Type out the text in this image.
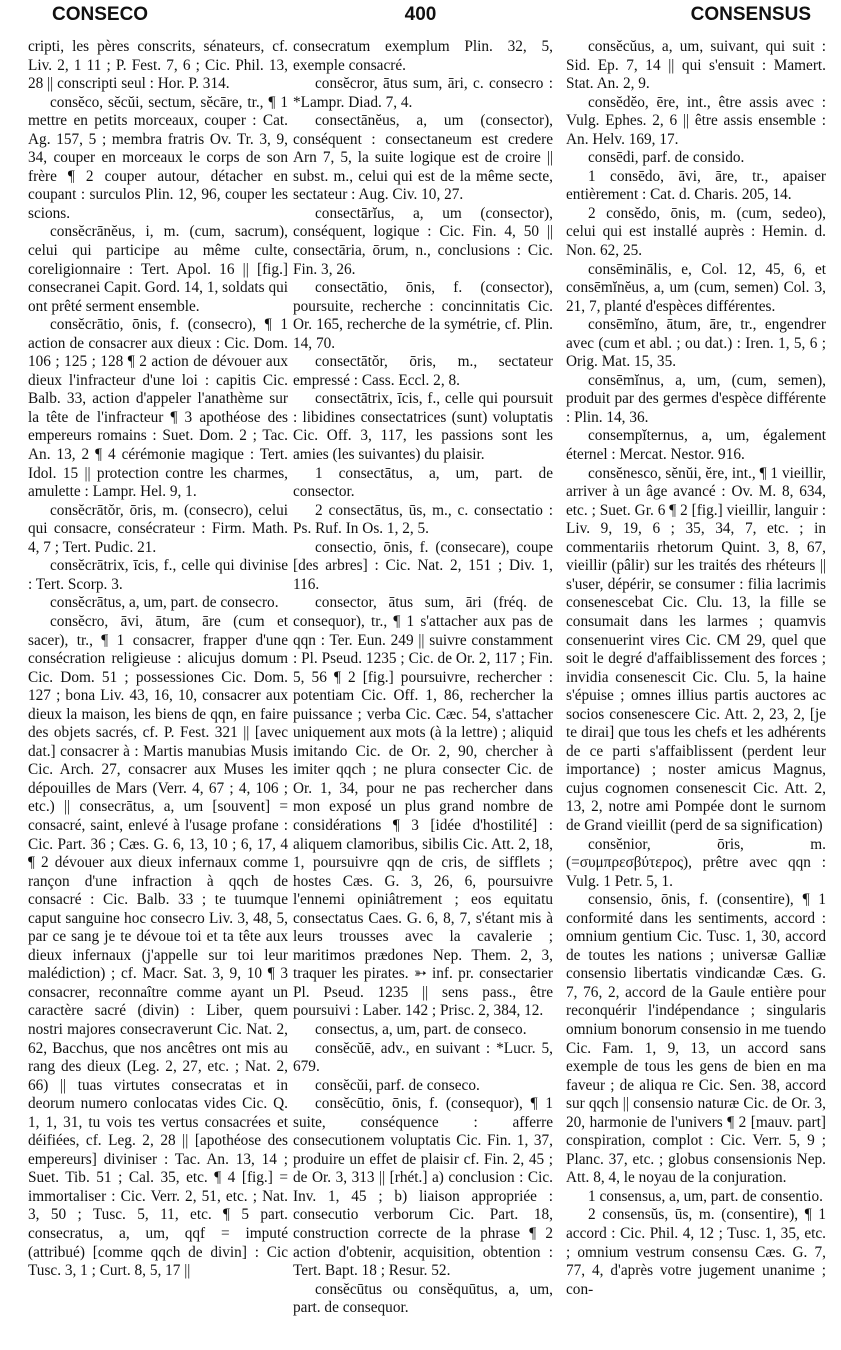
CONSECO	400	CONSENSUS

cripti, les pères conscrits, sénateurs, cf. Liv. 2, 1 11 ; P. Fest. 7, 6 ; Cic. Phil. 13, 28 || conscripti seul : Hor. P. 314.

consĕco, sĕcŭi, sectum, sĕcāre, tr., ¶ 1 mettre en petits morceaux, couper : Cat. Ag. 157, 5 ; membra fratris Ov. Tr. 3, 9, 34, couper en morceaux le corps de son frère ¶ 2 couper autour, détacher en coupant : surculos Plin. 12, 96, couper les scions.

consĕcrānĕus, i, m. (cum, sacrum), celui qui participe au même culte, coreligionnaire : Tert. Apol. 16 || [fig.] consecranei Capit. Gord. 14, 1, soldats qui ont prêté serment ensemble.

consĕcrātio, ōnis, f. (consecro), ¶ 1 action de consacrer aux dieux : Cic. Dom. 106 ; 125 ; 128 ¶ 2 action de dévouer aux dieux l'infracteur d'une loi : capitis Cic. Balb. 33, action d'appeler l'anathème sur la tête de l'infracteur ¶ 3 apothéose des empereurs romains : Suet. Dom. 2 ; Tac. An. 13, 2 ¶ 4 cérémonie magique : Tert. Idol. 15 || protection contre les charmes, amulette : Lampr. Hel. 9, 1.

consĕcrātŏr, ōris, m. (consecro), celui qui consacre, consécrateur : Firm. Math. 4, 7 ; Tert. Pudic. 21.

consĕcrātrix, īcis, f., celle qui divinise : Tert. Scorp. 3.

consĕcrātus, a, um, part. de consecro.

consĕcro, āvi, ātum, āre (cum et sacer), tr., ¶ 1 consacrer, frapper d'une consécration religieuse : alicujus domum Cic. Dom. 51 ; possessiones Cic. Dom. 127 ; bona Liv. 43, 16, 10, consacrer aux dieux la maison, les biens de qqn, en faire des objets sacrés, cf. P. Fest. 321 || [avec dat.] consacrer à : Martis manubias Musis Cic. Arch. 27, consacrer aux Muses les dépouilles de Mars (Verr. 4, 67 ; 4, 106 ; etc.) || consecrātus, a, um [souvent] = consacré, saint, enlevé à l'usage profane : Cic. Part. 36 ; Cæs. G. 6, 13, 10 ; 6, 17, 4 ¶ 2 dévouer aux dieux infernaux comme rançon d'une infraction à qqch de consacré : Cic. Balb. 33 ; te tuumque caput sanguine hoc consecro Liv. 3, 48, 5, par ce sang je te dévoue toi et ta tête aux dieux infernaux (j'appelle sur toi leur malédiction) ; cf. Macr. Sat. 3, 9, 10 ¶ 3 consacrer, reconnaître comme ayant un caractère sacré (divin) : Liber, quem nostri majores consecraverunt Cic. Nat. 2, 62, Bacchus, que nos ancêtres ont mis au rang des dieux (Leg. 2, 27, etc. ; Nat. 2, 66) || tuas virtutes consecratas et in deorum numero conlocatas vides Cic. Q. 1, 1, 31, tu vois tes vertus consacrées et déifiées, cf. Leg. 2, 28 || [apothéose des empereurs] diviniser : Tac. An. 13, 14 ; Suet. Tib. 51 ; Cal. 35, etc. ¶ 4 [fig.] = immortaliser : Cic. Verr. 2, 51, etc. ; Nat. 3, 50 ; Tusc. 5, 11, etc. ¶ 5 part. consecratus, a, um, qqf = imputé (attribué) [comme qqch de divin] : Cic Tusc. 3, 1 ; Curt. 8, 5, 17 ||

consecratum exemplum Plin. 32, 5, exemple consacré.

consĕcror, ātus sum, āri, c. consecro : *Lampr. Diad. 7, 4.

consectānĕus, a, um (consector), conséquent : consectaneum est credere Arn 7, 5, la suite logique est de croire || subst. m., celui qui est de la même secte, sectateur : Aug. Civ. 10, 27.

consectārĭus, a, um (consector), conséquent, logique : Cic. Fin. 4, 50 || consectāria, ōrum, n., conclusions : Cic. Fin. 3, 26.

consectātio, ōnis, f. (consector), poursuite, recherche : concinnitatis Cic. Or. 165, recherche de la symétrie, cf. Plin. 14, 70.

consectātŏr, ōris, m., sectateur empressé : Cass. Eccl. 2, 8.

consectātrix, īcis, f., celle qui poursuit : libidines consectatrices (sunt) voluptatis Cic. Off. 3, 117, les passions sont les amies (les suivantes) du plaisir.

1 consectātus, a, um, part. de consector.

2 consectātus, ūs, m., c. consectatio : Ps. Ruf. In Os. 1, 2, 5.

consectio, ōnis, f. (consecare), coupe [des arbres] : Cic. Nat. 2, 151 ; Div. 1, 116.

consector, ātus sum, āri (fréq. de consequor), tr., ¶ 1 s'attacher aux pas de qqn : Ter. Eun. 249 || suivre constamment : Pl. Pseud. 1235 ; Cic. de Or. 2, 117 ; Fin. 5, 56 ¶ 2 [fig.] poursuivre, rechercher : potentiam Cic. Off. 1, 86, rechercher la puissance ; verba Cic. Cæc. 54, s'attacher uniquement aux mots (à la lettre) ; aliquid imitando Cic. de Or. 2, 90, chercher à imiter qqch ; ne plura consecter Cic. de Or. 1, 34, pour ne pas rechercher dans mon exposé un plus grand nombre de considérations ¶ 3 [idée d'hostilité] : aliquem clamoribus, sibilis Cic. Att. 2, 18, 1, poursuivre qqn de cris, de sifflets ; hostes Cæs. G. 3, 26, 6, poursuivre l'ennemi opiniâtrement ; eos equitatu consectatus Caes. G. 6, 8, 7, s'étant mis à leurs trousses avec la cavalerie ; maritimos prædones Nep. Them. 2, 3, traquer les pirates. ➳ inf. pr. consectarier Pl. Pseud. 1235 || sens pass., être poursuivi : Laber. 142 ; Prisc. 2, 384, 12.

consectus, a, um, part. de conseco.

consĕcŭē, adv., en suivant : *Lucr. 5, 679.

consĕcŭi, parf. de conseco.

consĕcūtio, ōnis, f. (consequor), ¶ 1 suite, conséquence : afferre consecutionem voluptatis Cic. Fin. 1, 37, produire un effet de plaisir cf. Fin. 2, 45 ; de Or. 3, 313 || [rhét.] a) conclusion : Cic. Inv. 1, 45 ; b) liaison appropriée : consecutio verborum Cic. Part. 18, construction correcte de la phrase ¶ 2 action d'obtenir, acquisition, obtention : Tert. Bapt. 18 ; Resur. 52.

consĕcūtus ou consĕquūtus, a, um, part. de consequor.

consĕcŭus, a, um, suivant, qui suit : Sid. Ep. 7, 14 || qui s'ensuit : Mamert. Stat. An. 2, 9.

consĕdĕo, ēre, int., être assis avec : Vulg. Ephes. 2, 6 || être assis ensemble : An. Helv. 169, 17.

consēdi, parf. de consido.

1 consēdo, āvi, āre, tr., apaiser entièrement : Cat. d. Charis. 205, 14.

2 consĕdo, ōnis, m. (cum, sedeo), celui qui est installé auprès : Hemin. d. Non. 62, 25.

consēminālis, e, Col. 12, 45, 6, et consēmĭnĕus, a, um (cum, semen) Col. 3, 21, 7, planté d'espèces différentes.

consēmĭno, ātum, āre, tr., engendrer avec (cum et abl. ; ou dat.) : Iren. 1, 5, 6 ; Orig. Mat. 15, 35.

consēmĭnus, a, um, (cum, semen), produit par des germes d'espèce différente : Plin. 14, 36.

consempĭternus, a, um, également éternel : Mercat. Nestor. 916.

consĕnesco, sĕnŭi, ĕre, int., ¶ 1 vieillir, arriver à un âge avancé : Ov. M. 8, 634, etc. ; Suet. Gr. 6 ¶ 2 [fig.] vieillir, languir : Liv. 9, 19, 6 ; 35, 34, 7, etc. ; in commentariis rhetorum Quint. 3, 8, 67, vieillir (pâlir) sur les traités des rhéteurs || s'user, dépérir, se consumer : filia lacrimis consenescebat Cic. Clu. 13, la fille se consumait dans les larmes ; quamvis consenuerint vires Cic. CM 29, quel que soit le degré d'affaiblissement des forces ; invidia consenescit Cic. Clu. 5, la haine s'épuise ; omnes illius partis auctores ac socios consenescere Cic. Att. 2, 23, 2, [je te dirai] que tous les chefs et les adhérents de ce parti s'affaiblissent (perdent leur importance) ; noster amicus Magnus, cujus cognomen consenescit Cic. Att. 2, 13, 2, notre ami Pompée dont le surnom de Grand vieillit (perd de sa signification)

consĕnior, ōris, m. (=συμπρεσβύτερος), prêtre avec qqn : Vulg. 1 Petr. 5, 1.

consensio, ōnis, f. (consentire), ¶ 1 conformité dans les sentiments, accord : omnium gentium Cic. Tusc. 1, 30, accord de toutes les nations ; universæ Galliæ consensio libertatis vindicandæ Cæs. G. 7, 76, 2, accord de la Gaule entière pour reconquérir l'indépendance ; singularis omnium bonorum consensio in me tuendo Cic. Fam. 1, 9, 13, un accord sans exemple de tous les gens de bien en ma faveur ; de aliqua re Cic. Sen. 38, accord sur qqch || consensio naturæ Cic. de Or. 3, 20, harmonie de l'univers ¶ 2 [mauv. part] conspiration, complot : Cic. Verr. 5, 9 ; Planc. 37, etc. ; globus consensionis Nep. Att. 8, 4, le noyau de la conjuration.

1 consensus, a, um, part. de consentio.

2 consensŭs, ūs, m. (consentire), ¶ 1 accord : Cic. Phil. 4, 12 ; Tusc. 1, 35, etc. ; omnium vestrum consensu Cæs. G. 7, 77, 4, d'après votre jugement unanime ; con-
